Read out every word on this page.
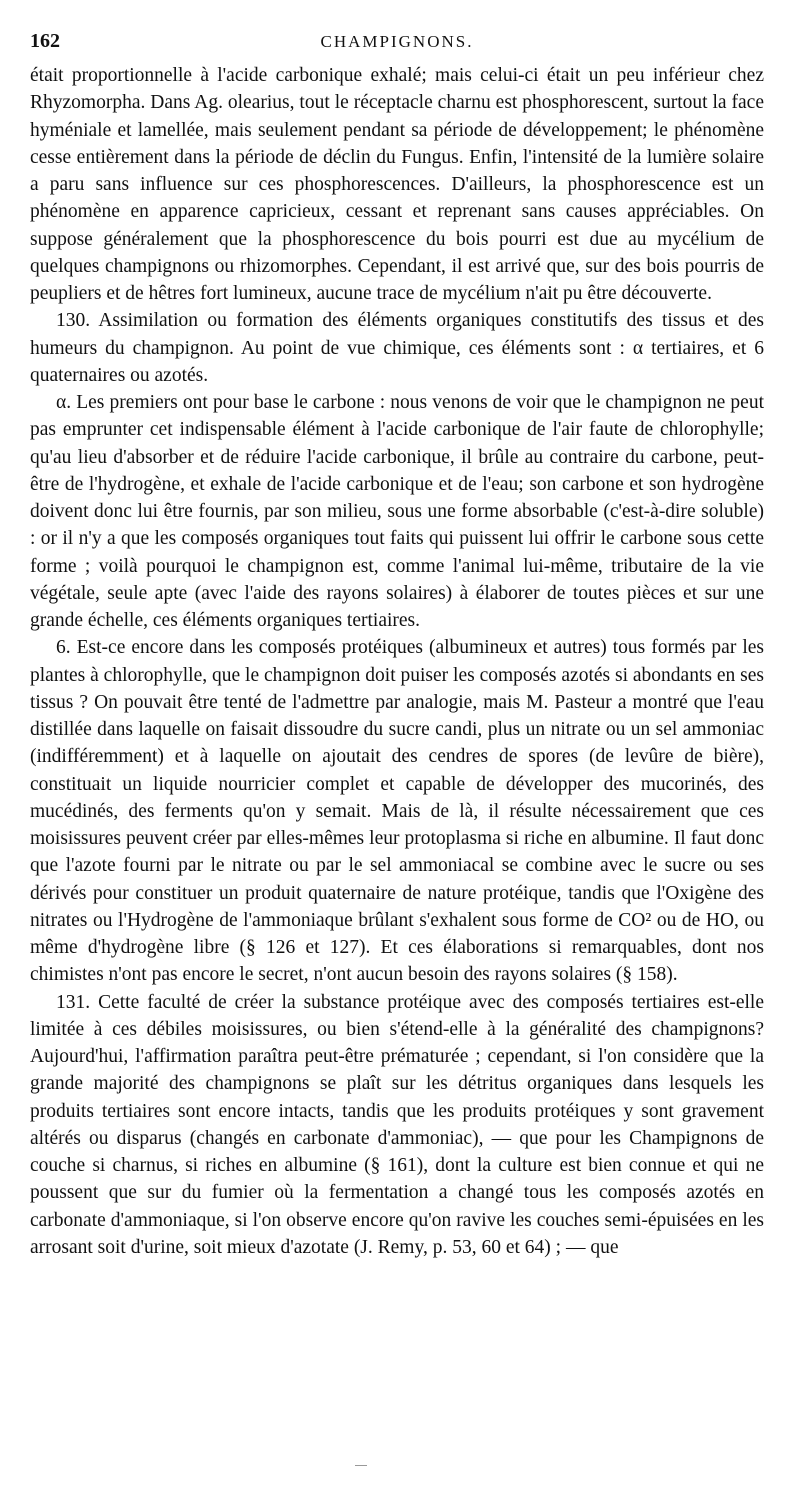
162	CHAMPIGNONS.

était proportionnelle à l'acide carbonique exhalé; mais celui-ci était un peu inférieur chez Rhyzomorpha. Dans Ag. olearius, tout le réceptacle charnu est phosphorescent, surtout la face hyméniale et lamellée, mais seulement pendant sa période de développement; le phénomène cesse entièrement dans la période de déclin du Fungus. Enfin, l'intensité de la lumière solaire a paru sans influence sur ces phosphorescences. D'ailleurs, la phosphorescence est un phénomène en apparence capricieux, cessant et reprenant sans causes appréciables. On suppose généralement que la phosphorescence du bois pourri est due au mycélium de quelques champignons ou rhizomorphes. Cependant, il est arrivé que, sur des bois pourris de peupliers et de hêtres fort lumineux, aucune trace de mycélium n'ait pu être découverte.

130. Assimilation ou formation des éléments organiques constitutifs des tissus et des humeurs du champignon. Au point de vue chimique, ces éléments sont : α tertiaires, et 6 quaternaires ou azotés.

α. Les premiers ont pour base le carbone : nous venons de voir que le champignon ne peut pas emprunter cet indispensable élément à l'acide carbonique de l'air faute de chlorophylle; qu'au lieu d'absorber et de réduire l'acide carbonique, il brûle au contraire du carbone, peut-être de l'hydrogène, et exhale de l'acide carbonique et de l'eau; son carbone et son hydrogène doivent donc lui être fournis, par son milieu, sous une forme absorbable (c'est-à-dire soluble) : or il n'y a que les composés organiques tout faits qui puissent lui offrir le carbone sous cette forme ; voilà pourquoi le champignon est, comme l'animal lui-même, tributaire de la vie végétale, seule apte (avec l'aide des rayons solaires) à élaborer de toutes pièces et sur une grande échelle, ces éléments organiques tertiaires.

6. Est-ce encore dans les composés protéiques (albumineux et autres) tous formés par les plantes à chlorophylle, que le champignon doit puiser les composés azotés si abondants en ses tissus ? On pouvait être tenté de l'admettre par analogie, mais M. Pasteur a montré que l'eau distillée dans laquelle on faisait dissoudre du sucre candi, plus un nitrate ou un sel ammoniac (indifféremment) et à laquelle on ajoutait des cendres de spores (de levûre de bière), constituait un liquide nourricier complet et capable de développer des mucorinés, des mucédinés, des ferments qu'on y semait. Mais de là, il résulte nécessairement que ces moisissures peuvent créer par elles-mêmes leur protoplasma si riche en albumine. Il faut donc que l'azote fourni par le nitrate ou par le sel ammoniacal se combine avec le sucre ou ses dérivés pour constituer un produit quaternaire de nature protéique, tandis que l'Oxigène des nitrates ou l'Hydrogène de l'ammoniaque brûlant s'exhalent sous forme de CO² ou de HO, ou même d'hydrogène libre (§ 126 et 127). Et ces élaborations si remarquables, dont nos chimistes n'ont pas encore le secret, n'ont aucun besoin des rayons solaires (§ 158).

131. Cette faculté de créer la substance protéique avec des composés tertiaires est-elle limitée à ces débiles moisissures, ou bien s'étend-elle à la généralité des champignons? Aujourd'hui, l'affirmation paraîtra peut-être prématurée ; cependant, si l'on considère que la grande majorité des champignons se plaît sur les détritus organiques dans lesquels les produits tertiaires sont encore intacts, tandis que les produits protéiques y sont gravement altérés ou disparus (changés en carbonate d'ammoniac), — que pour les Champignons de couche si charnus, si riches en albumine (§ 161), dont la culture est bien connue et qui ne poussent que sur du fumier où la fermentation a changé tous les composés azotés en carbonate d'ammoniaque, si l'on observe encore qu'on ravive les couches semi-épuisées en les arrosant soit d'urine, soit mieux d'azotate (J. Remy, p. 53, 60 et 64) ; — que
